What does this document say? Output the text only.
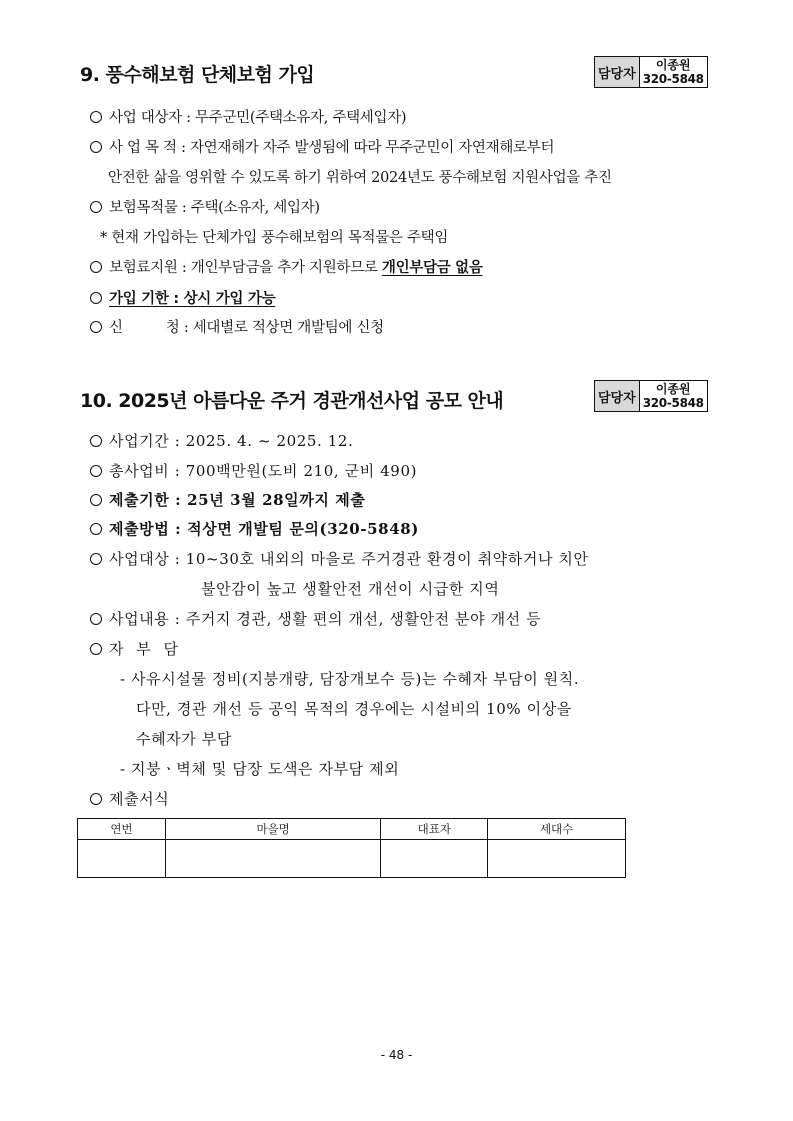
9. 풍수해보험 단체보험 가입	담당자
이종원
320-5848
사업 대상자 : 무주군민(주택소유자, 주택세입자)
사 업 목 적 : 자연재해가 자주 발생됨에 따라 무주군민이 자연재해로부터
안전한 삶을 영위할 수 있도록 하기 위하여 2024년도 풍수해보험 지원사업을 추진
보험목적물 : 주택(소유자, 세입자)
* 현재 가입하는 단체가입 풍수해보험의 목적물은 주택임
보험료지원 : 개인부담금을 추가 지원하므로 개인부담금 없음
가입 기한 : 상시 가입 가능
신          청 : 세대별로 적상면 개발팀에 신청
10. 2025년 아름다운 주거 경관개선사업 공모 안내	담당자
이종원
320-5848
사업기간 : 2025. 4. ~ 2025. 12.
총사업비 : 700백만원(도비 210, 군비 490)
제출기한 : 25년 3월 28일까지 제출
제출방법 : 적상면 개발팀 문의(320-5848)
사업대상 : 10~30호 내외의 마을로 주거경관 환경이 취약하거나 치안
불안감이 높고 생활안전 개선이 시급한 지역
사업내용 : 주거지 경관, 생활 편의 개선, 생활안전 분야 개선 등
자 부 담
- 사유시설물 정비(지붕개량, 담장개보수 등)는 수혜자 부담이 원칙.
다만, 경관 개선 등 공익 목적의 경우에는 시설비의 10% 이상을
수혜자가 부담
- 지붕ㆍ벽체 및 담장 도색은 자부담 제외
제출서식
연번	마을명	대표자	세대수

- 48 -
